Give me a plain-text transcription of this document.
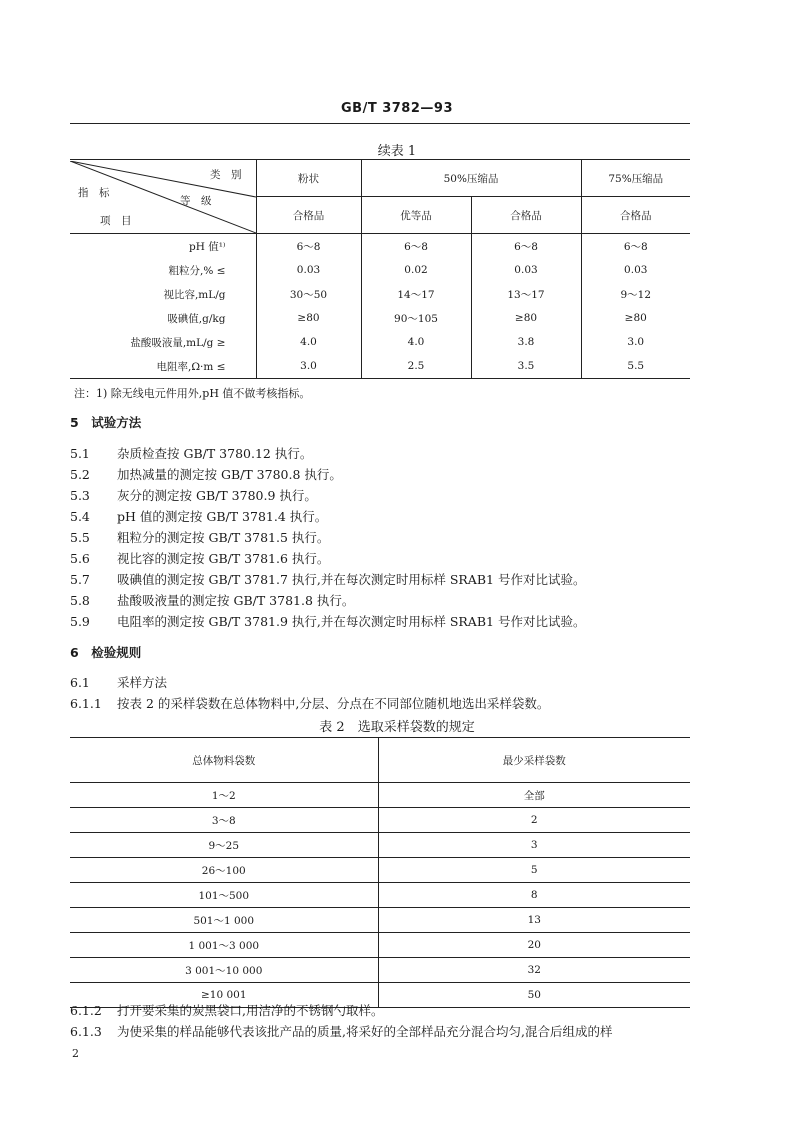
GB/T 3782—93
续表 1
类　别
等　级
指　标
项　目	粉状	50%压缩品		75%压缩品
	合格品	优等品	合格品	合格品
pH 值¹⁾	6～8	6～8	6～8	6～8
粗粒分,% ≤	0.03	0.02	0.03	0.03
视比容,mL/g	30～50	14～17	13～17	9～12
吸碘值,g/kg	≥80	90～105	≥80	≥80
盐酸吸液量,mL/g ≥	4.0	4.0	3.8	3.0
电阻率,Ω·m ≤	3.0	2.5	3.5	5.5
注：1) 除无线电元件用外,pH 值不做考核指标。
5　试验方法
5.1 杂质检查按 GB/T 3780.12 执行。
5.2 加热减量的测定按 GB/T 3780.8 执行。
5.3 灰分的测定按 GB/T 3780.9 执行。
5.4 pH 值的测定按 GB/T 3781.4 执行。
5.5 粗粒分的测定按 GB/T 3781.5 执行。
5.6 视比容的测定按 GB/T 3781.6 执行。
5.7 吸碘值的测定按 GB/T 3781.7 执行,并在每次测定时用标样 SRAB1 号作对比试验。
5.8 盐酸吸液量的测定按 GB/T 3781.8 执行。
5.9 电阻率的测定按 GB/T 3781.9 执行,并在每次测定时用标样 SRAB1 号作对比试验。
6　检验规则
6.1 采样方法
6.1.1 按表 2 的采样袋数在总体物料中,分层、分点在不同部位随机地选出采样袋数。
表 2　选取采样袋数的规定
总体物料袋数	最少采样袋数
1～2	全部
3～8	2
9～25	3
26～100	5
101～500	8
501～1 000	13
1 001～3 000	20
3 001～10 000	32
≥10 001	50
6.1.2 打开要采集的炭黑袋口,用洁净的不锈钢勺取样。
6.1.3 为使采集的样品能够代表该批产品的质量,将采好的全部样品充分混合均匀,混合后组成的样
2
